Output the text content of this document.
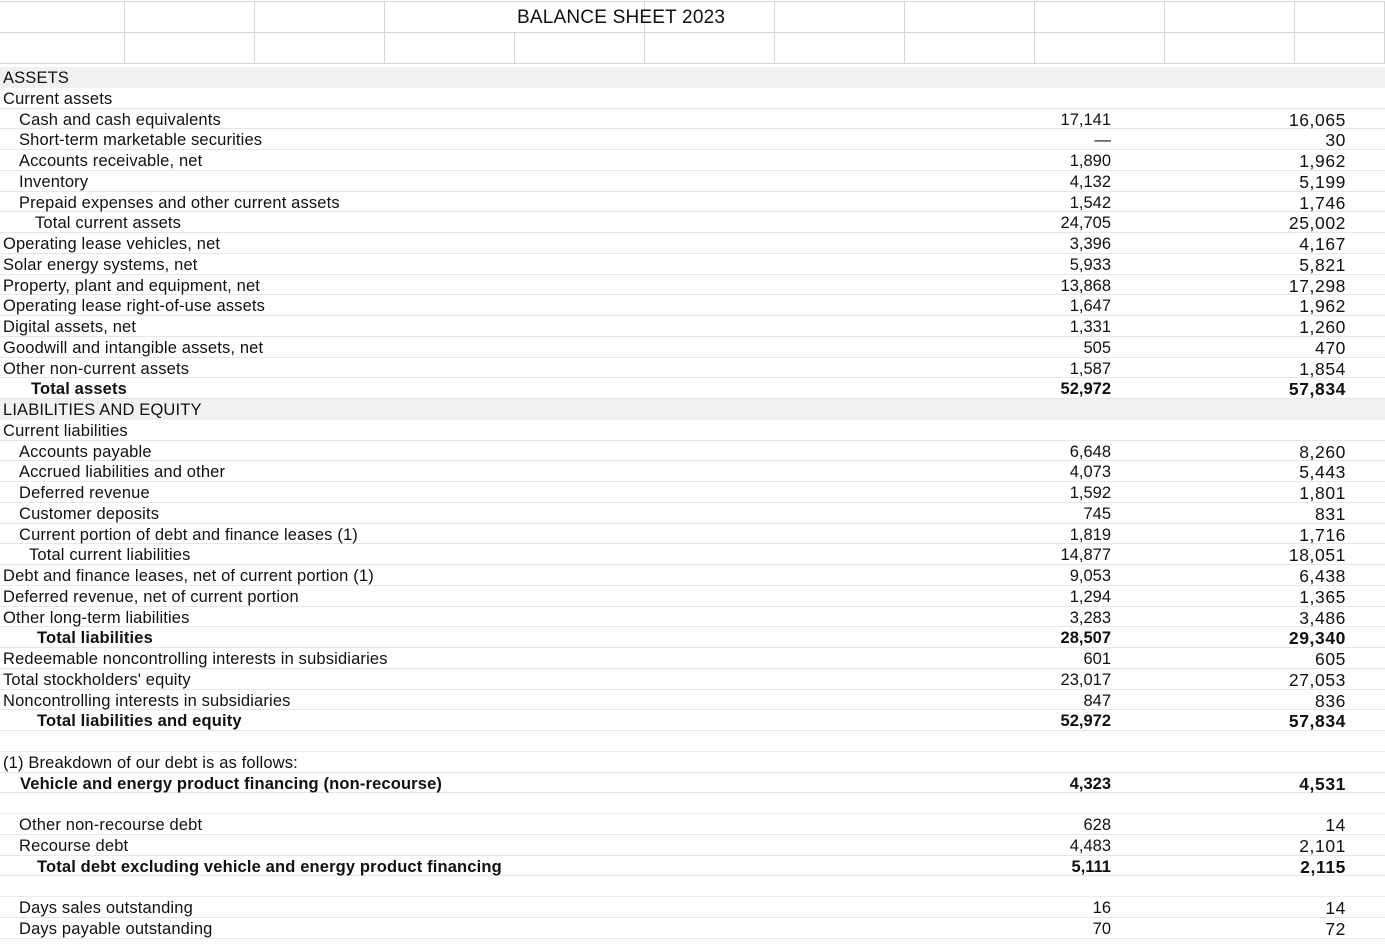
BALANCE SHEET 2023
ASSETS
Current assets
Cash and cash equivalents	17,141	16,065
Short-term marketable securities	—	30
Accounts receivable, net	1,890	1,962
Inventory	4,132	5,199
Prepaid expenses and other current assets	1,542	1,746
Total current assets	24,705	25,002
Operating lease vehicles, net	3,396	4,167
Solar energy systems, net	5,933	5,821
Property, plant and equipment, net	13,868	17,298
Operating lease right-of-use assets	1,647	1,962
Digital assets, net	1,331	1,260
Goodwill and intangible assets, net	505	470
Other non-current assets	1,587	1,854
Total assets	52,972	57,834
LIABILITIES AND EQUITY
Current liabilities
Accounts payable	6,648	8,260
Accrued liabilities and other	4,073	5,443
Deferred revenue	1,592	1,801
Customer deposits	745	831
Current portion of debt and finance leases (1)	1,819	1,716
Total current liabilities	14,877	18,051
Debt and finance leases, net of current portion (1)	9,053	6,438
Deferred revenue, net of current portion	1,294	1,365
Other long-term liabilities	3,283	3,486
Total liabilities	28,507	29,340
Redeemable noncontrolling interests in subsidiaries	601	605
Total stockholders' equity	23,017	27,053
Noncontrolling interests in subsidiaries	847	836
Total liabilities and equity	52,972	57,834
(1) Breakdown of our debt is as follows:
Vehicle and energy product financing (non-recourse)	4,323	4,531
Other non-recourse debt	628	14
Recourse debt	4,483	2,101
Total debt excluding vehicle and energy product financing	5,111	2,115
Days sales outstanding	16	14
Days payable outstanding	70	72
